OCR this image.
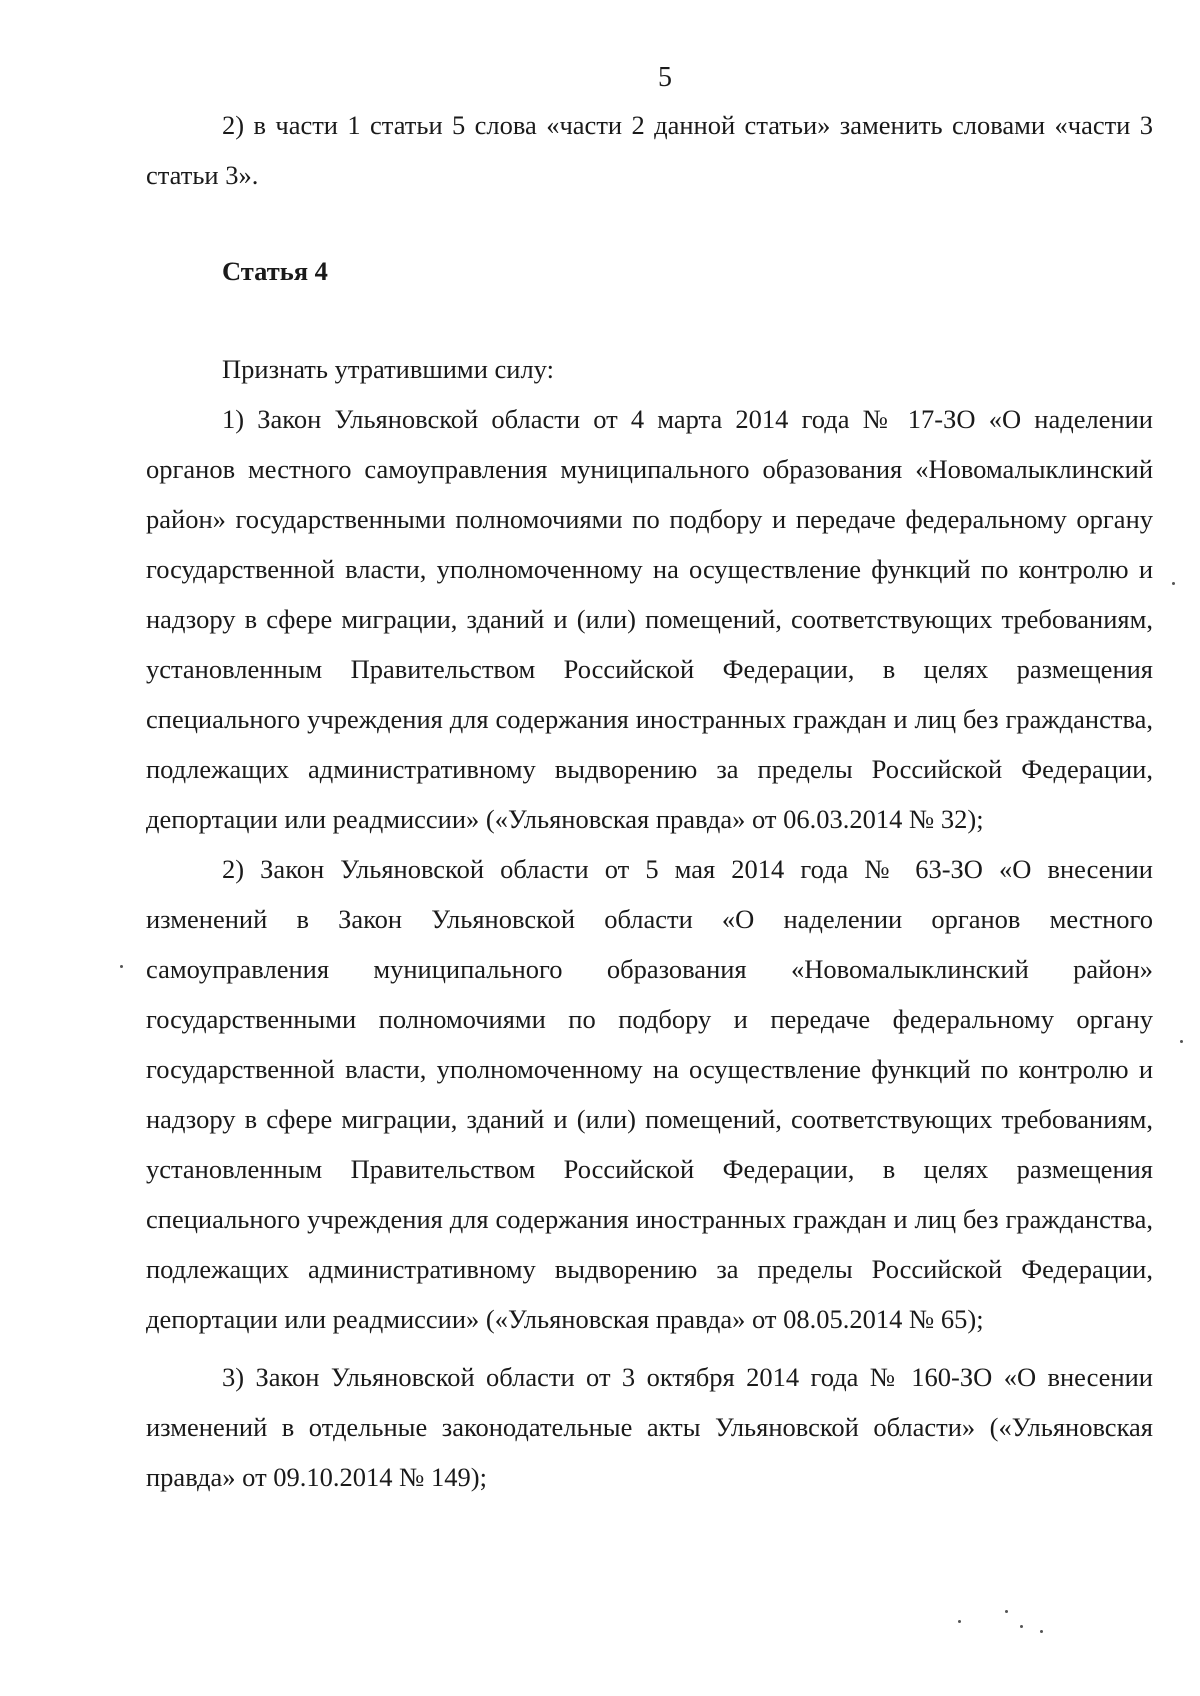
5

2) в части 1 статьи 5 слова «части 2 данной статьи» заменить словами «части 3 статьи 3».

Статья 4

Признать утратившими силу:

1) Закон Ульяновской области от 4 марта 2014 года № 17-ЗО «О наделении органов местного самоуправления муниципального образования «Новомалыклинский район» государственными полномочиями по подбору и передаче федеральному органу государственной власти, уполномоченному на осуществление функций по контролю и надзору в сфере миграции, зданий и (или) помещений, соответствующих требованиям, установленным Правительством Российской Федерации, в целях размещения специального учреждения для содержания иностранных граждан и лиц без гражданства, подлежащих административному выдворению за пределы Российской Федерации, депортации или реадмиссии» («Ульяновская правда» от 06.03.2014 № 32);

2) Закон Ульяновской области от 5 мая 2014 года № 63-ЗО «О внесении изменений в Закон Ульяновской области «О наделении органов местного самоуправления муниципального образования «Новомалыклинский район» государственными полномочиями по подбору и передаче федеральному органу государственной власти, уполномоченному на осуществление функций по контролю и надзору в сфере миграции, зданий и (или) помещений, соответствующих требованиям, установленным Правительством Российской Федерации, в целях размещения специального учреждения для содержания иностранных граждан и лиц без гражданства, подлежащих административному выдворению за пределы Российской Федерации, депортации или реадмиссии» («Ульяновская правда» от 08.05.2014 № 65);

3) Закон Ульяновской области от 3 октября 2014 года № 160-ЗО «О внесении изменений в отдельные законодательные акты Ульяновской области» («Ульяновская правда» от 09.10.2014 № 149);
